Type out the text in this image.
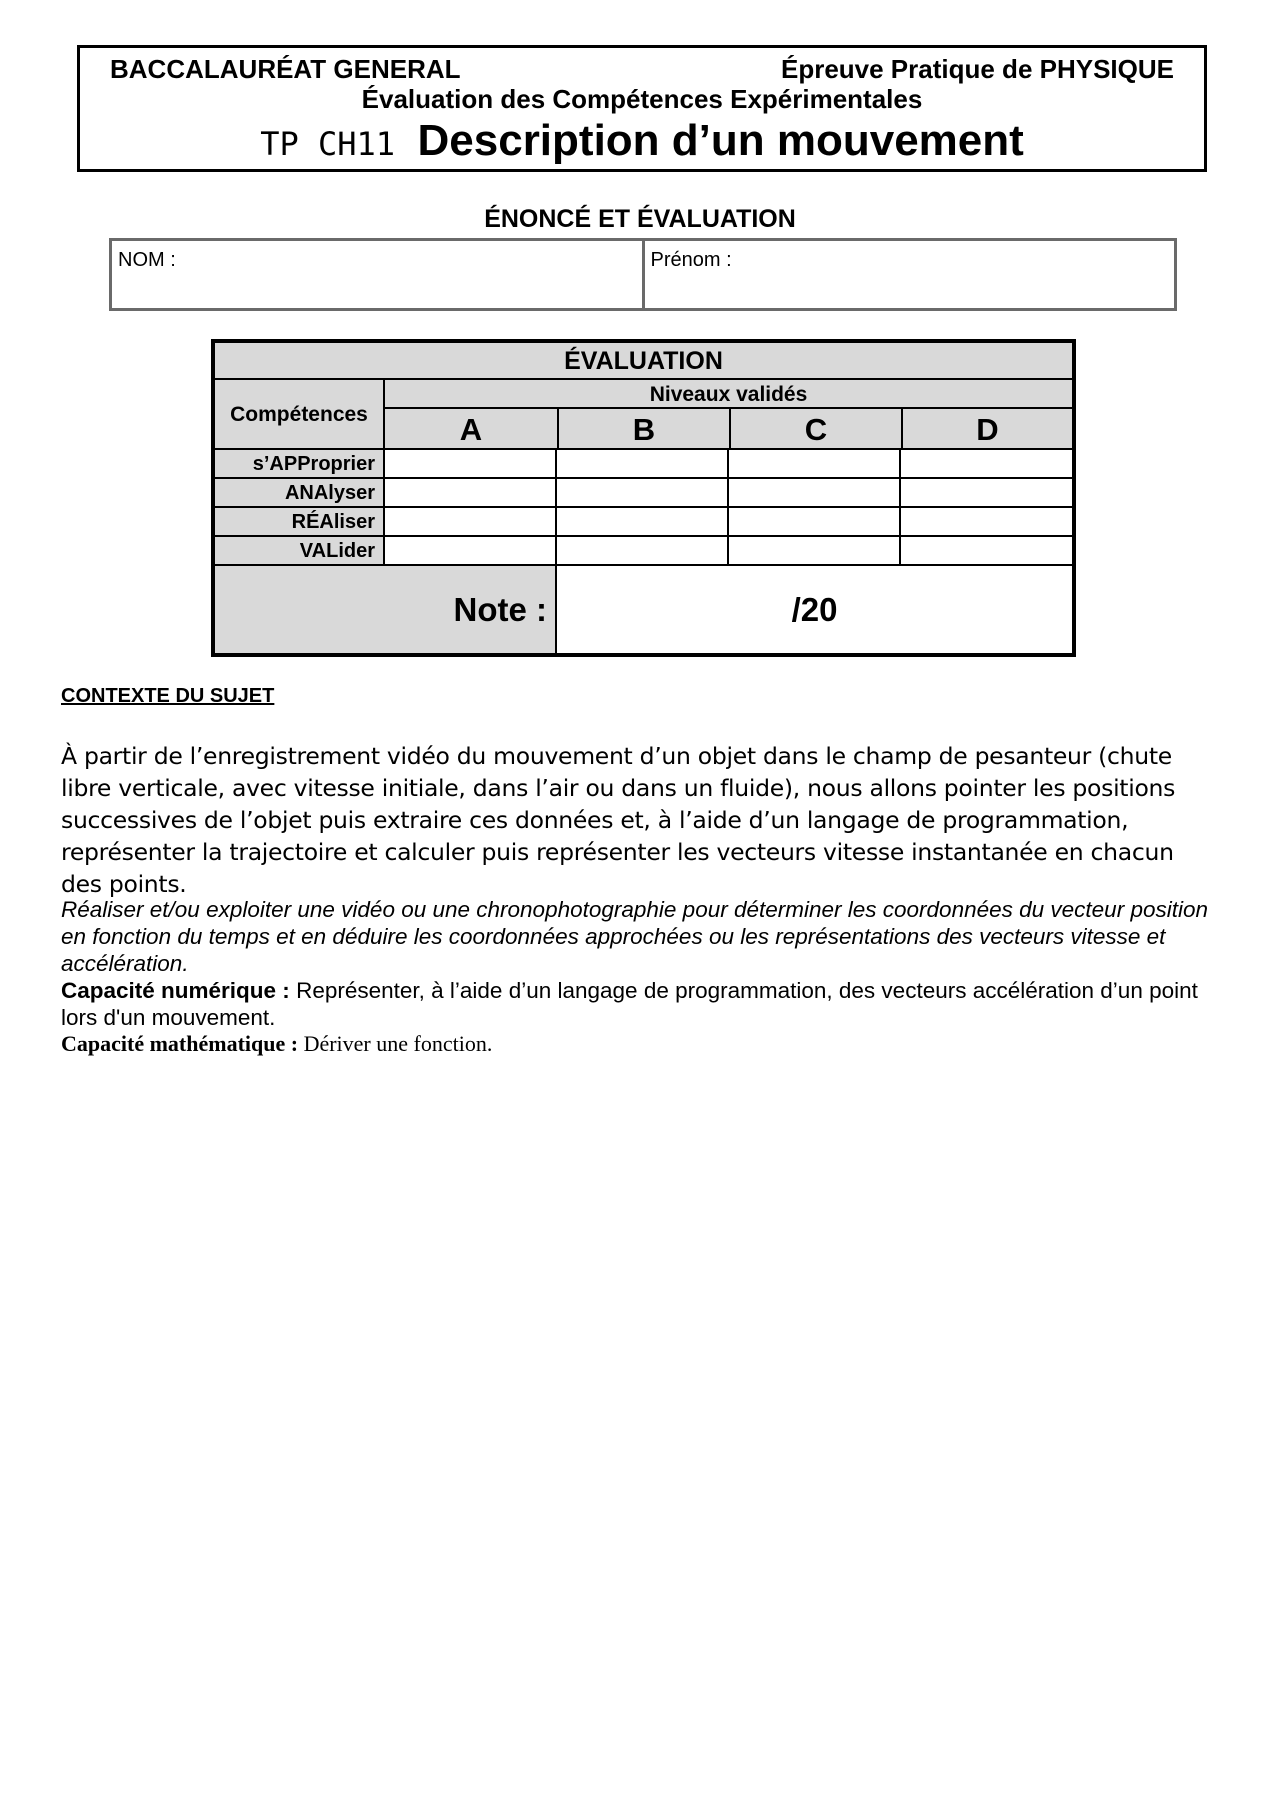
BACCALAURÉAT GENERAL	Épreuve Pratique de PHYSIQUE
Évaluation des Compétences Expérimentales
TP CH11 Description d’un mouvement
ÉNONCÉ ET ÉVALUATION
NOM :	Prénom :
ÉVALUATION
Compétences
Niveaux validés
A	B	C	D
s’APProprier
ANAlyser
RÉAliser
VALider
Note :	/20
CONTEXTE DU SUJET
À partir de l’enregistrement vidéo du mouvement d’un objet dans le champ de pesanteur (chute libre verticale, avec vitesse initiale, dans l’air ou dans un fluide), nous allons pointer les positions successives de l’objet puis extraire ces données et, à l’aide d’un langage de programmation, représenter la trajectoire et calculer puis représenter les vecteurs vitesse instantanée en chacun des points.
Réaliser et/ou exploiter une vidéo ou une chronophotographie pour déterminer les coordonnées du vecteur position en fonction du temps et en déduire les coordonnées approchées ou les représentations des vecteurs vitesse et accélération.
Capacité numérique : Représenter, à l’aide d’un langage de programmation, des vecteurs accélération d’un point lors d'un mouvement.
Capacité mathématique : Dériver une fonction.
